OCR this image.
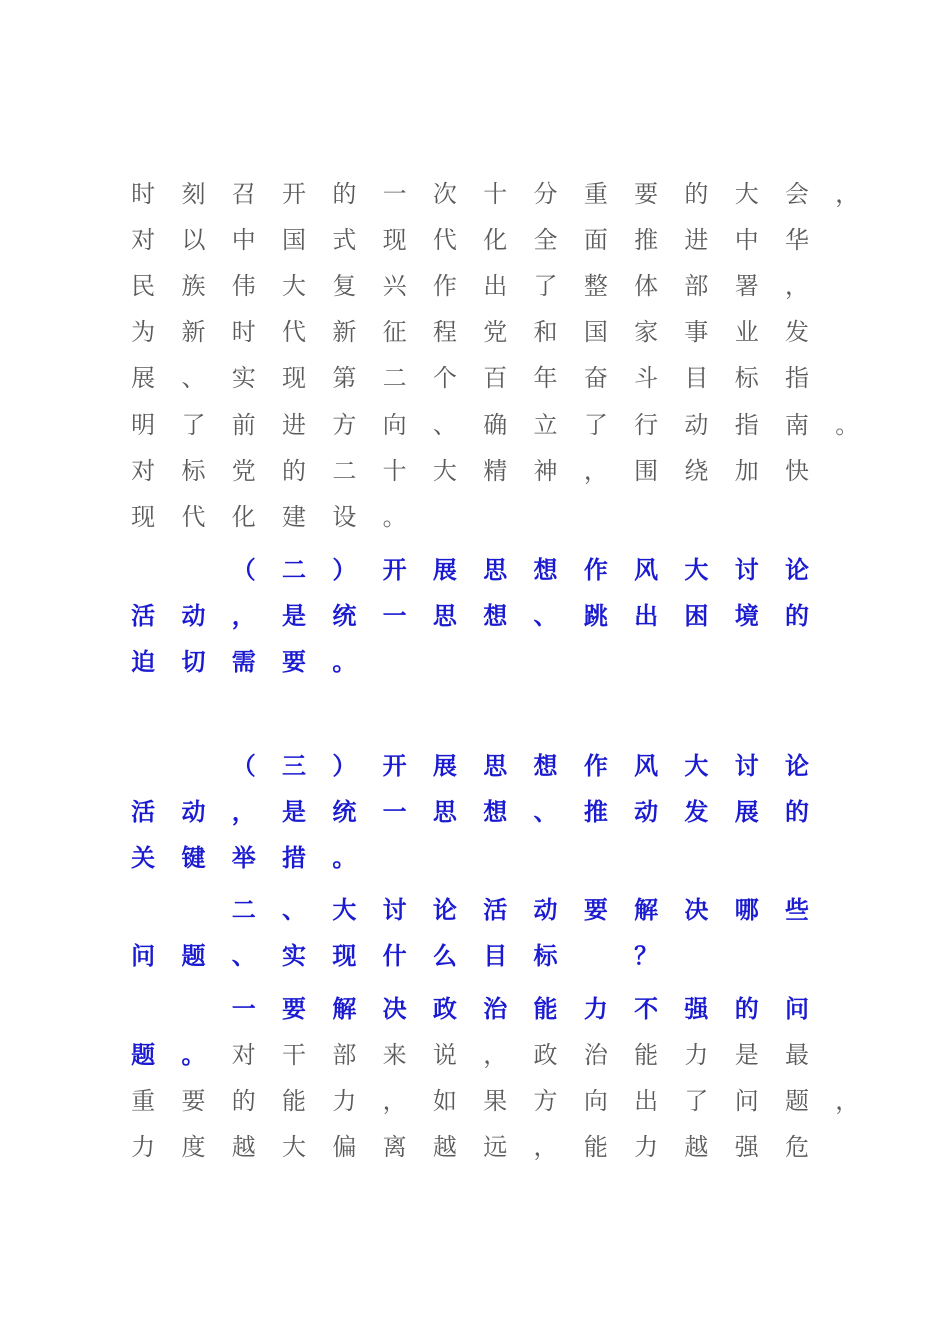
时 刻 召 开 的 一 次 十 分 重 要 的 大 会 ，
对 以 中 国 式 现 代 化 全 面 推 进 中 华
民 族 伟 大 复 兴 作 出 了 整 体 部 署 ，
为 新 时 代 新 征 程 党 和 国 家 事 业 发
展 、 实 现 第 二 个 百 年 奋 斗 目 标 指
明 了 前 进 方 向 、 确 立 了 行 动 指 南 。
对 标 党 的 二 十 大 精 神 ， 围 绕 加 快
现 代 化 建 设 。
（ 二 ） 开 展 思 想 作 风 大 讨 论
活 动 ， 是 统 一 思 想 、 跳 出 困 境 的
迫 切 需 要 。
（ 三 ） 开 展 思 想 作 风 大 讨 论
活 动 ， 是 统 一 思 想 、 推 动 发 展 的
关 键 举 措 。
二 、 大 讨 论 活 动 要 解 决 哪 些
问 题 、 实 现 什 么 目 标	？
一 要 解 决 政 治 能 力 不 强 的 问
题 。	对 干 部 来 说 ， 政 治 能 力 是 最
重 要 的 能 力 ， 如 果 方 向 出 了 问 题 ，
力 度 越 大 偏 离 越 远 ， 能 力 越 强 危
